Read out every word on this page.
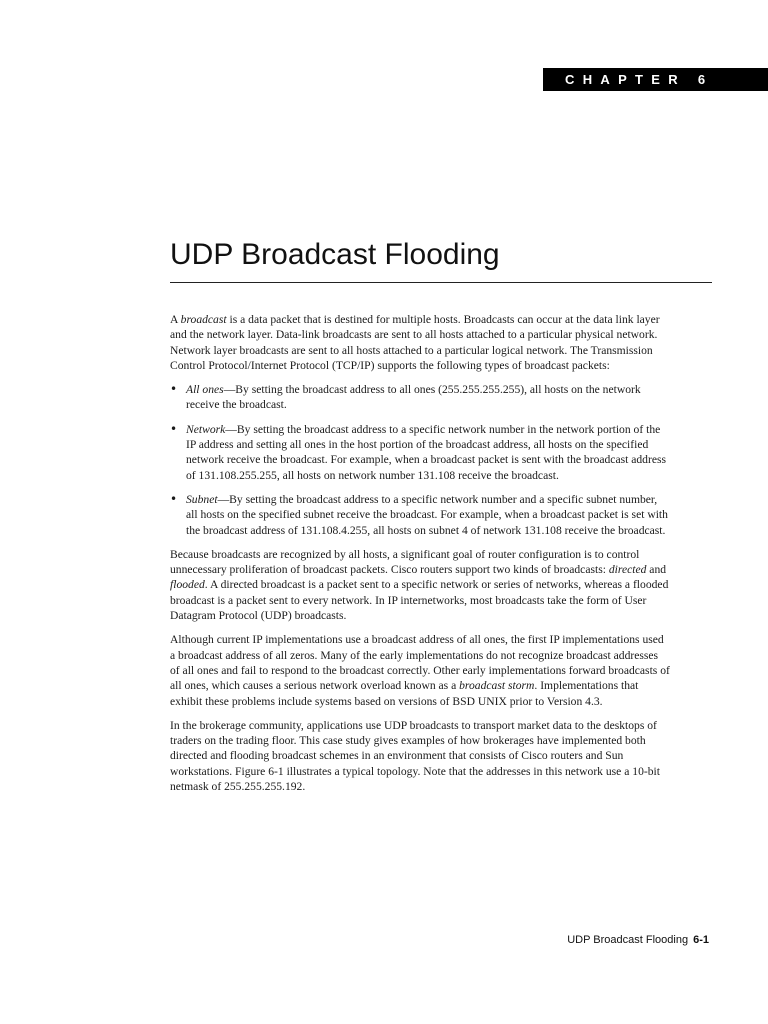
CHAPTER 6
UDP Broadcast Flooding

A broadcast is a data packet that is destined for multiple hosts. Broadcasts can occur at the data link layer and the network layer. Data-link broadcasts are sent to all hosts attached to a particular physical network. Network layer broadcasts are sent to all hosts attached to a particular logical network. The Transmission Control Protocol/Internet Protocol (TCP/IP) supports the following types of broadcast packets:

• All ones—By setting the broadcast address to all ones (255.255.255.255), all hosts on the network receive the broadcast.
• Network—By setting the broadcast address to a specific network number in the network portion of the IP address and setting all ones in the host portion of the broadcast address, all hosts on the specified network receive the broadcast. For example, when a broadcast packet is sent with the broadcast address of 131.108.255.255, all hosts on network number 131.108 receive the broadcast.
• Subnet—By setting the broadcast address to a specific network number and a specific subnet number, all hosts on the specified subnet receive the broadcast. For example, when a broadcast packet is set with the broadcast address of 131.108.4.255, all hosts on subnet 4 of network 131.108 receive the broadcast.

Because broadcasts are recognized by all hosts, a significant goal of router configuration is to control unnecessary proliferation of broadcast packets. Cisco routers support two kinds of broadcasts: directed and flooded. A directed broadcast is a packet sent to a specific network or series of networks, whereas a flooded broadcast is a packet sent to every network. In IP internetworks, most broadcasts take the form of User Datagram Protocol (UDP) broadcasts.

Although current IP implementations use a broadcast address of all ones, the first IP implementations used a broadcast address of all zeros. Many of the early implementations do not recognize broadcast addresses of all ones and fail to respond to the broadcast correctly. Other early implementations forward broadcasts of all ones, which causes a serious network overload known as a broadcast storm. Implementations that exhibit these problems include systems based on versions of BSD UNIX prior to Version 4.3.

In the brokerage community, applications use UDP broadcasts to transport market data to the desktops of traders on the trading floor. This case study gives examples of how brokerages have implemented both directed and flooding broadcast schemes in an environment that consists of Cisco routers and Sun workstations. Figure 6-1 illustrates a typical topology. Note that the addresses in this network use a 10-bit netmask of 255.255.255.192.

UDP Broadcast Flooding 6-1
